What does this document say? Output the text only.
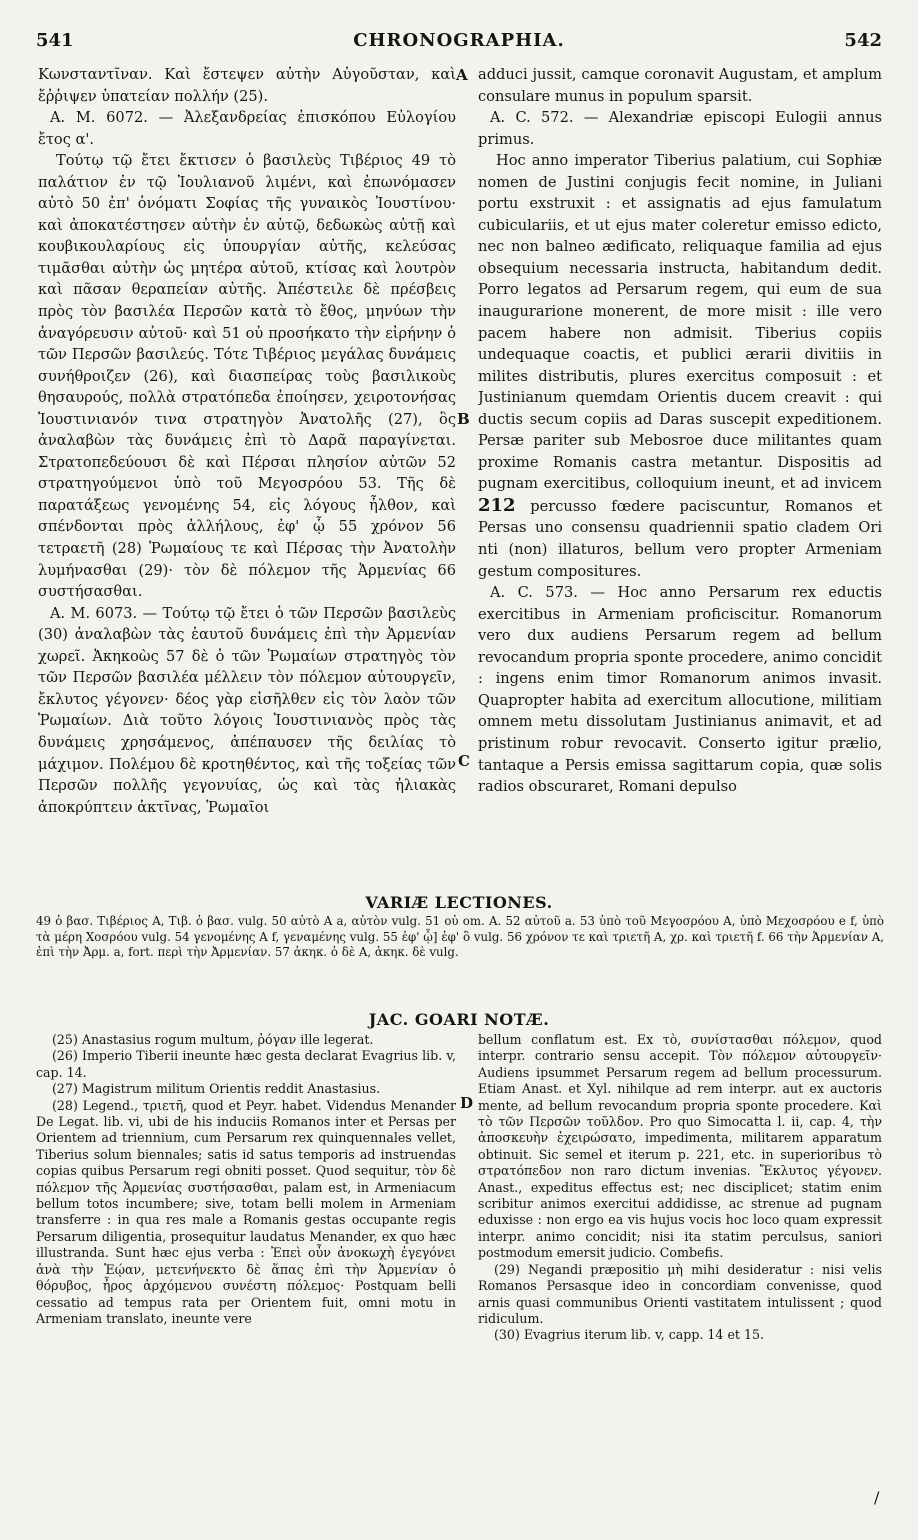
541	CHRONOGRAPHIA.	542

Κωνσταντῖναν. Καὶ ἔστεψεν αὐτὴν Αὐγοῦσταν, καὶ ἔῤῥιψεν ὑπατείαν πολλήν (25).

A. M. 6072. — Ἀλεξανδρείας ἐπισκόπου Εὐλογίου ἔτος α'.

Τούτῳ τῷ ἔτει ἔκτισεν ὁ βασιλεὺς Τιβέριος 49 τὸ παλάτιον ἐν τῷ Ἰουλιανοῦ λιμένι, καὶ ἐπωνόμασεν αὐτὸ 50 ἐπ' ὀνόματι Σοφίας τῆς γυναικὸς Ἰουστίνου· καὶ ἀποκατέστησεν αὐτὴν ἐν αὐτῷ, δεδωκὼς αὐτῇ καὶ κουβικουλαρίους εἰς ὑπουργίαν αὐτῆς, κελεύσας τιμᾶσθαι αὐτὴν ὡς μητέρα αὐτοῦ, κτίσας καὶ λουτρὸν καὶ πᾶσαν θεραπείαν αὐτῆς. Ἀπέστειλε δὲ πρέσβεις πρὸς τὸν βασιλέα Περσῶν κατὰ τὸ ἔθος, μηνύων τὴν ἀναγόρευσιν αὐτοῦ· καὶ 51 οὐ προσήκατο τὴν εἰρήνην ὁ τῶν Περσῶν βασιλεύς. Τότε Τιβέριος μεγάλας δυνάμεις συνήθροιζεν (26), καὶ διασπείρας τοὺς βασιλικοὺς θησαυρούς, πολλὰ στρατόπεδα ἐποίησεν, χειροτονήσας Ἰουστινιανόν τινα στρατηγὸν Ἀνατολῆς (27), ὃς ἀναλαβὼν τὰς δυνάμεις ἐπὶ τὸ Δαρᾶ παραγίνεται. Στρατοπεδεύουσι δὲ καὶ Πέρσαι πλησίον αὐτῶν 52 στρατηγούμενοι ὑπὸ τοῦ Μεγοσρόου 53. Τῆς δὲ παρατάξεως γενομένης 54, εἰς λόγους ἦλθον, καὶ σπένδονται πρὸς ἀλλήλους, ἐφ' ᾧ 55 χρόνον 56 τετραετῆ (28) Ῥωμαίους τε καὶ Πέρσας τὴν Ἀνατολὴν λυμήνασθαι (29)· τὸν δὲ πόλεμον τῆς Ἀρμενίας 66 συστήσασθαι.

A. M. 6073. — Τούτῳ τῷ ἔτει ὁ τῶν Περσῶν βασιλεὺς (30) ἀναλαβὼν τὰς ἑαυτοῦ δυνάμεις ἐπὶ τὴν Ἀρμενίαν χωρεῖ. Ἀκηκοὼς 57 δὲ ὁ τῶν Ῥωμαίων στρατηγὸς τὸν τῶν Περσῶν βασιλέα μέλλειν τὸν πόλεμον αὐτουργεῖν, ἔκλυτος γέγονεν· δέος γὰρ εἰσῆλθεν εἰς τὸν λαὸν τῶν Ῥωμαίων. Διὰ τοῦτο λόγοις Ἰουστινιανὸς πρὸς τὰς δυνάμεις χρησάμενος, ἀπέπαυσεν τῆς δειλίας τὸ μάχιμον. Πολέμου δὲ κροτηθέντος, καὶ τῆς τοξείας τῶν Περσῶν πολλῆς γεγονυίας, ὡς καὶ τὰς ἡλιακὰς ἀποκρύπτειν ἀκτῖνας, Ῥωμαῖοι

A
B
C
D

adduci jussit, camque coronavit Augustam, et amplum consulare munus in populum sparsit.

A. C. 572. — Alexandriæ episcopi Eulogii annus primus.

Hoc anno imperator Tiberius palatium, cui Sophiæ nomen de Justini conjugis fecit nomine, in Juliani portu exstruxit : et assignatis ad ejus famulatum cubiculariis, et ut ejus mater coleretur emisso edicto, nec non balneo ædificato, reliquaque familia ad ejus obsequium necessaria instructa, habitandum dedit. Porro legatos ad Persarum regem, qui eum de sua inaugurarione monerent, de more misit : ille vero pacem habere non admisit. Tiberius copiis undequaque coactis, et publici ærarii divitiis in milites distributis, plures exercitus composuit : et Justinianum quemdam Orientis ducem creavit : qui ductis secum copiis ad Daras suscepit expeditionem. Persæ pariter sub Mebosroe duce militantes quam proxime Romanis castra metantur. Dispositis ad pugnam exercitibus, colloquium ineunt, et ad invicem 212 percusso fœdere paciscuntur, Romanos et Persas uno consensu quadriennii spatio cladem Ori nti (non) illaturos, bellum vero propter Armeniam gestum compositures.

A. C. 573. — Hoc anno Persarum rex eductis exercitibus in Armeniam proficiscitur. Romanorum vero dux audiens Persarum regem ad bellum revocandum propria sponte procedere, animo concidit : ingens enim timor Romanorum animos invasit. Quapropter habita ad exercitum allocutione, militiam omnem metu dissolutam Justinianus animavit, et ad pristinum robur revocavit. Conserto igitur prælio, tantaque a Persis emissa sagittarum copia, quæ solis radios obscuraret, Romani depulso

VARIÆ LECTIONES.

49 ὁ βασ. Τιβέριος A, Τιβ. ὁ βασ. vulg. 50 αὐτὸ A a, αὐτὸν vulg. 51 οὐ om. A. 52 αὐτοῦ a. 53 ὑπὸ τοῦ Μεγοσρόου A, ὑπὸ Μεχοσρόου e f, ὑπὸ τὰ μέρη Χοσρόου vulg. 54 γενομένης A f, γεναμένης vulg. 55 ἐφ' ᾧ] ἐφ' ὃ vulg. 56 χρόνον τε καὶ τριετῆ A, χρ. καὶ τριετῆ f. 66 τὴν Ἀρμενίαν A, ἐπὶ τὴν Ἀρμ. a, fort. περὶ τὴν Ἀρμενίαν. 57 ἀκηκ. ὁ δὲ A, ἀκηκ. δὲ vulg.

JAC. GOARI NOTÆ.

(25) Anastasius rogum multum, ῥόγαν ille legerat.

(26) Imperio Tiberii ineunte hæc gesta declarat Evagrius lib. v, cap. 14.

(27) Magistrum militum Orientis reddit Anastasius.

(28) Legend., τριετῆ, quod et Peyr. habet. Videndus Menander De Legat. lib. vi, ubi de his induciis Romanos inter et Persas per Orientem ad triennium, cum Persarum rex quinquennales vellet, Tiberius solum biennales; satis id satus temporis ad instruendas copias quibus Persarum regi obniti posset. Quod sequitur, τὸν δὲ πόλεμον τῆς Ἀρμενίας συστήσασθαι, palam est, in Armeniacum bellum totos incumbere; sive, totam belli molem in Armeniam transferre : in qua res male a Romanis gestas occupante regis Persarum diligentia, prosequitur laudatus Menander, ex quo hæc illustranda. Sunt hæc ejus verba : Ἐπεὶ οὖν ἀνοκωχὴ ἐγεγόνει ἀνὰ τὴν Ἑῴαν, μετενήνεκτο δὲ ἅπας ἐπὶ τὴν Ἀρμενίαν ὁ θόρυβος, ἦρος ἀρχόμενου συνέστη πόλεμος· Postquam belli cessatio ad tempus rata per Orientem fuit, omni motu in Armeniam translato, ineunte vere

bellum conflatum est. Ex τὸ, συνίστασθαι πόλεμον, quod interpr. contrario sensu accepit. Τὸν πόλεμον αὐτουργεῖν· Audiens ipsummet Persarum regem ad bellum processurum. Etiam Anast. et Xyl. nihilque ad rem interpr. aut ex auctoris mente, ad bellum revocandum propria sponte procedere. Καὶ τὸ τῶν Περσῶν τοῦλδον. Pro quo Simocatta l. ii, cap. 4, τὴν ἀποσκευὴν ἐχειρώσατο, impedimenta, militarem apparatum obtinuit. Sic semel et iterum p. 221, etc. in superioribus τὸ στρατόπεδον non raro dictum invenias. Ἔκλυτος γέγονεν. Anast., expeditus effectus est; nec disciplicet; statim enim scribitur animos exercitui addidisse, ac strenue ad pugnam eduxisse : non ergo ea vis hujus vocis hoc loco quam expressit interpr. animo concidit; nisi ita statim perculsus, saniori postmodum emersit judicio. Combefis.

(29) Negandi præpositio μὴ mihi desideratur : nisi velis Romanos Persasque ideo in concordiam convenisse, quod arnis quasi communibus Orienti vastitatem intulissent ; quod ridiculum.

(30) Evagrius iterum lib. v, capp. 14 et 15.

/
